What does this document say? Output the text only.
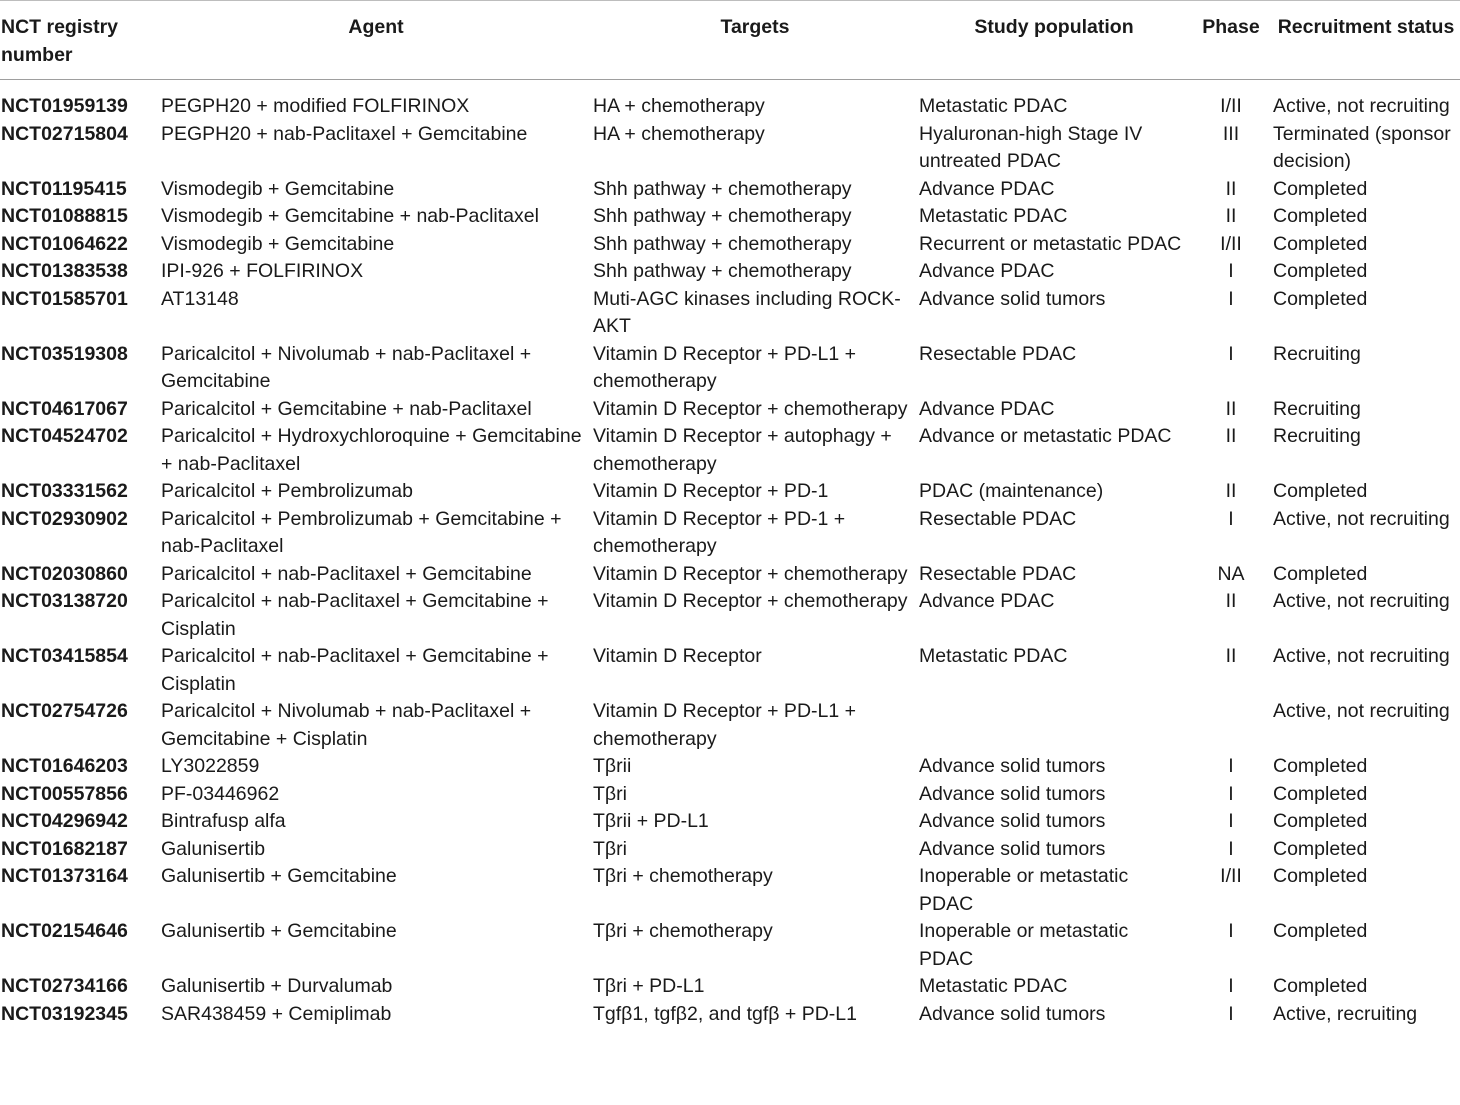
NCT registry number	Agent	Targets	Study population	Phase	Recruitment status
NCT01959139	PEGPH20 + modified FOLFIRINOX	HA + chemotherapy	Metastatic PDAC	I/II	Active, not recruiting
NCT02715804	PEGPH20 + nab-Paclitaxel + Gemcitabine	HA + chemotherapy	Hyaluronan-high Stage IV untreated PDAC	III	Terminated (sponsor decision)
NCT01195415	Vismodegib + Gemcitabine	Shh pathway + chemotherapy	Advance PDAC	II	Completed
NCT01088815	Vismodegib + Gemcitabine + nab-Paclitaxel	Shh pathway + chemotherapy	Metastatic PDAC	II	Completed
NCT01064622	Vismodegib + Gemcitabine	Shh pathway + chemotherapy	Recurrent or metastatic PDAC	I/II	Completed
NCT01383538	IPI-926 + FOLFIRINOX	Shh pathway + chemotherapy	Advance PDAC	I	Completed
NCT01585701	AT13148	Muti-AGC kinases including ROCK-AKT	Advance solid tumors	I	Completed
NCT03519308	Paricalcitol + Nivolumab + nab-Paclitaxel + Gemcitabine	Vitamin D Receptor + PD-L1 + chemotherapy	Resectable PDAC	I	Recruiting
NCT04617067	Paricalcitol + Gemcitabine + nab-Paclitaxel	Vitamin D Receptor + chemotherapy	Advance PDAC	II	Recruiting
NCT04524702	Paricalcitol + Hydroxychloroquine + Gemcitabine + nab-Paclitaxel	Vitamin D Receptor + autophagy + chemotherapy	Advance or metastatic PDAC	II	Recruiting
NCT03331562	Paricalcitol + Pembrolizumab	Vitamin D Receptor + PD-1	PDAC (maintenance)	II	Completed
NCT02930902	Paricalcitol + Pembrolizumab + Gemcitabine + nab-Paclitaxel	Vitamin D Receptor + PD-1 + chemotherapy	Resectable PDAC	I	Active, not recruiting
NCT02030860	Paricalcitol + nab-Paclitaxel + Gemcitabine	Vitamin D Receptor + chemotherapy	Resectable PDAC	NA	Completed
NCT03138720	Paricalcitol + nab-Paclitaxel + Gemcitabine + Cisplatin	Vitamin D Receptor + chemotherapy	Advance PDAC	II	Active, not recruiting
NCT03415854	Paricalcitol + nab-Paclitaxel + Gemcitabine + Cisplatin	Vitamin D Receptor	Metastatic PDAC	II	Active, not recruiting
NCT02754726	Paricalcitol + Nivolumab + nab-Paclitaxel + Gemcitabine + Cisplatin	Vitamin D Receptor + PD-L1 + chemotherapy			Active, not recruiting
NCT01646203	LY3022859	Tβrii	Advance solid tumors	I	Completed
NCT00557856	PF-03446962	Tβri	Advance solid tumors	I	Completed
NCT04296942	Bintrafusp alfa	Tβrii + PD-L1	Advance solid tumors	I	Completed
NCT01682187	Galunisertib	Tβri	Advance solid tumors	I	Completed
NCT01373164	Galunisertib + Gemcitabine	Tβri + chemotherapy	Inoperable or metastatic PDAC	I/II	Completed
NCT02154646	Galunisertib + Gemcitabine	Tβri + chemotherapy	Inoperable or metastatic PDAC	I	Completed
NCT02734166	Galunisertib + Durvalumab	Tβri + PD-L1	Metastatic PDAC	I	Completed
NCT03192345	SAR438459 + Cemiplimab	Tgfβ1, tgfβ2, and tgfβ + PD-L1	Advance solid tumors	I	Active, recruiting
